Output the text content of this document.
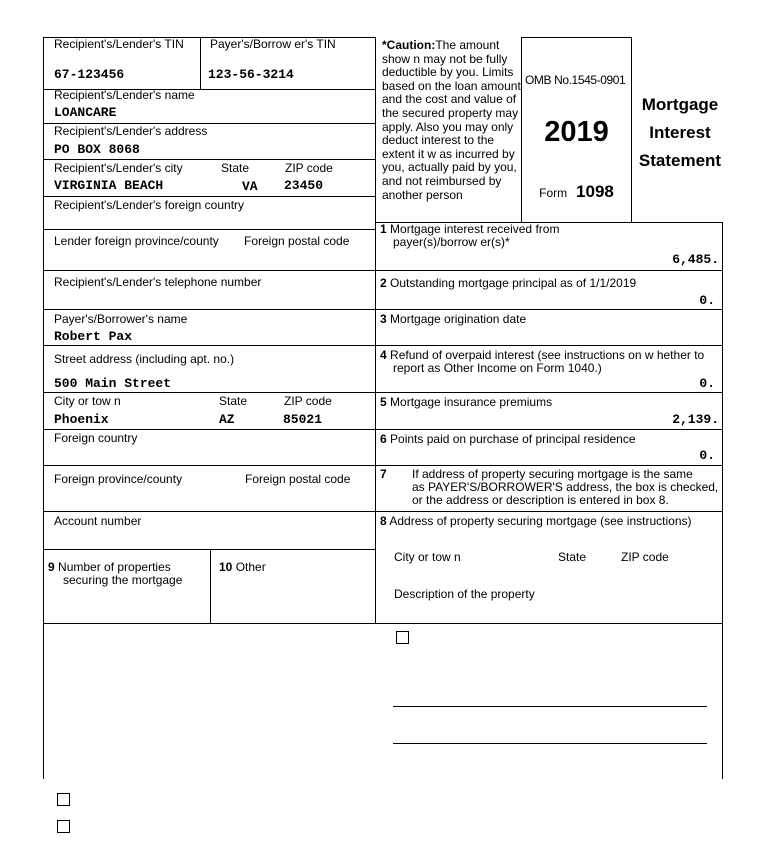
Recipient's/Lender's TIN Payer's/Borrow er's TIN
67-123456	123-56-3214
Recipient's/Lender's name
LOANCARE
Recipient's/Lender's address
PO BOX 8068
Recipient's/Lender's city	State	ZIP code
VIRGINIA BEACH	VA 23450
Recipient's/Lender's foreign country
Lender foreign province/county Foreign postal code
Recipient's/Lender's telephone number
Payer's/Borrower's name
Robert Pax
Street address (including apt. no.)
500 Main Street
City or tow n	State	ZIP code
Phoenix	AZ	85021
Foreign country
Foreign province/county	Foreign postal code
Account number
9 Number of properties
securing the mortgage
10 Other
*Caution:The amount show n may not be fully deductible by you. Limits based on the loan amount and the cost and value of the secured property may apply. Also you may only deduct interest to the extent it w as incurred by you, actually paid by you, and not reimbursed by another person
OMB No.1545-0901
2019
Form 1098
Mortgage
Interest
Statement
1 Mortgage interest received from
payer(s)/borrow er(s)*
6,485.
2 Outstanding mortgage principal as of 1/1/2019
0.
3 Mortgage origination date
4 Refund of overpaid interest (see instructions on w hether to
report as Other Income on Form 1040.)
0.
5 Mortgage insurance premiums
2,139.
6 Points paid on purchase of principal residence
0.
7 If address of property securing mortgage is the same
as PAYER'S/BORROWER'S address, the box is checked,
or the address or description is entered in box 8.
8 Address of property securing mortgage (see instructions)
City or tow n	State	ZIP code
Description of the property
